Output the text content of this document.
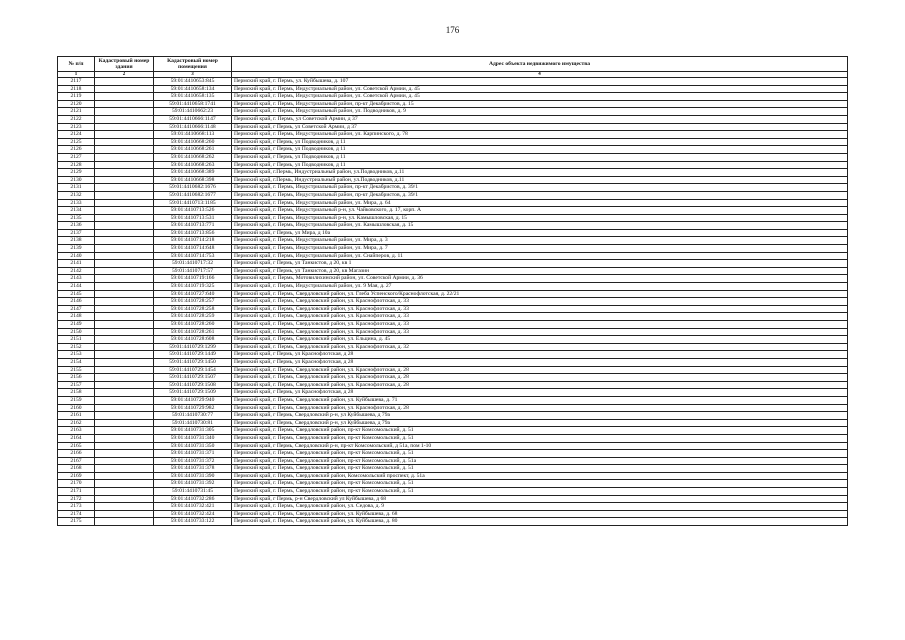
176
№ п/п	Кадастровый номер здания	Кадастровый номер помещения	Адрес объекта недвижимого имущества
1	2	3	4
2117		59:01:4410653:845	Пермский край, г. Пермь, ул. Куйбышева, д. 107
2118		59:01:4410658:134	Пермский край, г. Пермь, Индустриальный район, ул. Советской Армии, д. 45
2119		59:01:4410658:135	Пермский край, г. Пермь, Индустриальный район, ул. Советской Армии, д. 45
2120		59:01:4410658:1741	Пермский край, г. Пермь, Индустриальный район, пр-кт Декабристов, д. 15
2121		59:01:4410662:23	Пермский край, г. Пермь, Индустриальный район, ул. Подводников, д. 9
2122		59:01:4410666:1147	Пермский край, г. Пермь, ул Советской Армии, д 37
2123		59:01:4410666:1148	Пермский край, г Пермь, ул Советской Армии, д 37
2124		59:01:4410668:113	Пермский край, г. Пермь, Индустриальный район, ул. Карпинского, д. 78
2125		59:01:4410668:260	Пермский край, г Пермь, ул Подводников, д 11
2126		59:01:4410668:261	Пермский край, г Пермь, ул Подводников, д 11
2127		59:01:4410668:262	Пермский край, г Пермь, ул Подводников, д 11
2128		59:01:4410668:263	Пермский край, г Пермь, ул Подводников, д 11
2129		59:01:4410668:389	Пермский край, г.Пермь, Индустриальный район, ул.Подводников, д.11
2130		59:01:4410668:398	Пермский край, г.Пермь, Индустриальный район, ул.Подводников, д.11
2131		59:01:4410682:1676	Пермский край, г. Пермь, Индустриальный район, пр-кт Декабристов, д. 39/1
2132		59:01:4410682:1677	Пермский край, г. Пермь, Индустриальный район, пр-кт Декабристов, д. 39/1
2133		59:01:4410713:1185	Пермский край, г. Пермь, Индустриальный район, ул. Мира, д. 64
2134		59:01:4410713:526	Пермский край, г. Пермь, Индустриальный р-н, ул. Чайковского, д. 17, корп. А
2135		59:01:4410713:531	Пермский край, г. Пермь, Индустриальный р-н, ул. Камышловская, д. 15
2136		59:01:4410713:771	Пермский край, г. Пермь, Индустриальный район, ул. Камышловская, д. 15
2137		59:01:4410713:856	Пермский край, г Пермь, ул Мира, д 10а
2138		59:01:4410714:218	Пермский край, г. Пермь, Индустриальный район, ул. Мира, д. 3
2139		59:01:4410714:648	Пермский край, г. Пермь, Индустриальный район, ул. Мира, д. 7
2140		59:01:4410714:753	Пермский край, г. Пермь, Индустриальный район, ул. Снайперов, д. 11
2141		59:01:4410717:32	Пермский край, г Пермь, ул Танкистов, д 20, кв 1
2142		59:01:4410717:57	Пермский край, г Пермь, ул Танкистов, д 20, кв Магазин
2143		59:01:4410719:166	Пермский край, г. Пермь, Мотовилихинский район, ул. Советской Армии, д. 36
2144		59:01:4410719:325	Пермский край, г. Пермь, Индустриальный район, ул. 9 Мая, д. 27
2145		59:01:4410727:640	Пермский край, г. Пермь, Свердловский район, ул. Глеба Успенского/Краснофлотская, д. 22/21
2146		59:01:4410728:257	Пермский край, г. Пермь, Свердловский район, ул. Краснофлотская, д. 33
2147		59:01:4410728:258	Пермский край, г. Пермь, Свердловский район, ул. Краснофлотская, д. 33
2148		59:01:4410728:259	Пермский край, г. Пермь, Свердловский район, ул. Краснофлотская, д. 33
2149		59:01:4410728:260	Пермский край, г. Пермь, Свердловский район, ул. Краснофлотская, д. 33
2150		59:01:4410728:261	Пермский край, г. Пермь, Свердловский район, ул. Краснофлотская, д. 33
2151		59:01:4410728:608	Пермский край, г. Пермь, Свердловский район, ул. Ельцина, д. 45
2152		59:01:4410729:1299	Пермский край, г. Пермь, Свердловский район, ул. Краснофлотская, д. 32
2153		59:01:4410729:1449	Пермский край, г Пермь, ул Краснофлотская, д 28
2154		59:01:4410729:1450	Пермский край, г Пермь, ул Краснофлотская, д 28
2155		59:01:4410729:1454	Пермский край, г. Пермь, Свердловский район, ул. Краснофлотская, д. 28
2156		59:01:4410729:1507	Пермский край, г. Пермь, Свердловский район, ул. Краснофлотская, д. 28
2157		59:01:4410729:1508	Пермский край, г. Пермь, Свердловский район, ул. Краснофлотская, д. 28
2158		59:01:4410729:1509	Пермский край, г Пермь, ул Краснофлотская, д 28
2159		59:01:4410729:940	Пермский край, г. Пермь, Свердловский район, ул. Куйбышева, д. 71
2160		59:01:4410729:982	Пермский край, г. Пермь, Свердловский район, ул. Краснофлотская, д. 28
2161		59:01:4410730:77	Пермский край, г Пермь, Свердловский р-н, ул Куйбышева, д 79а
2162		59:01:4410730:81	Пермский край, г Пермь, Свердловский р-н, ул Куйбышева, д 79а
2163		59:01:4410731:305	Пермский край, г. Пермь, Свердловский район, пр-кт Комсомольский, д. 51
2164		59:01:4410731:340	Пермский край, г. Пермь, Свердловский район, пр-кт Комсомольский, д. 51
2165		59:01:4410731:350	Пермский край, г Пермь, Свердловский р-н, пр-кт Комсомольский, д 51а, пом 1-10
2166		59:01:4410731:371	Пермский край, г. Пермь, Свердловский район, пр-кт Комсомольский, д. 51
2167		59:01:4410731:372	Пермский край, г. Пермь, Свердловский район, пр-кт Комсомольский, д. 51а
2168		59:01:4410731:378	Пермский край, г. Пермь, Свердловский район, пр-кт Комсомольский, д. 51
2169		59:01:4410731:390	Пермский край, г. Пермь, Свердловский район, Комсомольский проспект, д. 51а
2170		59:01:4410731:392	Пермский край, г. Пермь, Свердловский район, пр-кт Комсомольский, д. 51
2171		59:01:4410731:45	Пермский край, г. Пермь, Свердловский район, пр-кт Комсомольский, д. 51
2172		59:01:4410732:286	Пермский край, г Пермь, р-н Свердловский ул Куйбышева, д 68
2173		59:01:4410732:421	Пермский край, г. Пермь, Свердловский район, ул. Седова, д. 9
2174		59:01:4410732:424	Пермский край, г. Пермь, Свердловский район, ул. Куйбышева, д. 68
2175		59:01:4410733:122	Пермский край, г. Пермь, Свердловский район, ул. Куйбышева, д. 80
